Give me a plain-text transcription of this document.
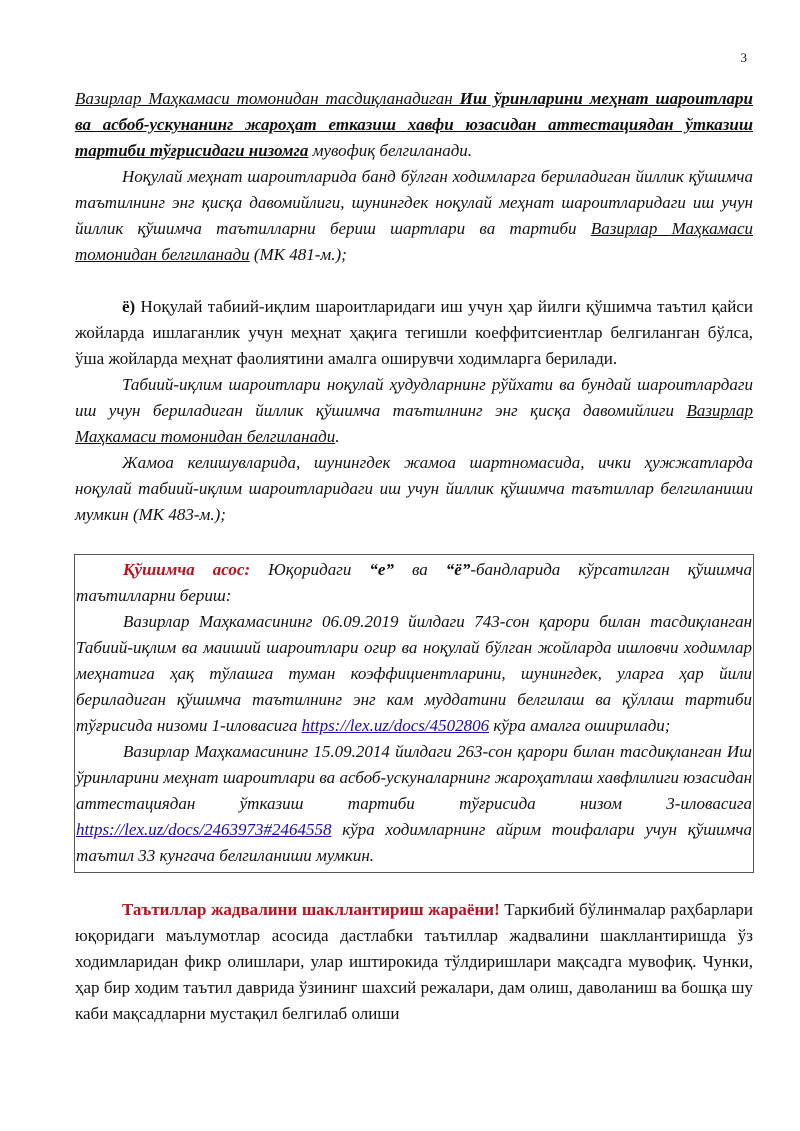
3

Вазирлар Маҳкамаси томонидан тасдиқланадиган Иш ўринларини меҳнат шароитлари ва асбоб-ускунанинг жароҳат етказиш хавфи юзасидан аттестациядан ўтказиш тартиби тўғрисидаги низомга мувофиқ белгиланади.

Ноқулай меҳнат шароитларида банд бўлган ходимларга бериладиган йиллик қўшимча таътилнинг энг қисқа давомийлиги, шунингдек ноқулай меҳнат шароитларидаги иш учун йиллик қўшимча таътилларни бериш шартлари ва тартиби Вазирлар Маҳкамаси томонидан белгиланади (МК 481-м.);

ё) Ноқулай табиий-иқлим шароитларидаги иш учун ҳар йилги қўшимча таътил қайси жойларда ишлаганлик учун меҳнат ҳақига тегишли коеффитсиентлар белгиланган бўлса, ўша жойларда меҳнат фаолиятини амалга оширувчи ходимларга берилади.

Табиий-иқлим шароитлари ноқулай ҳудудларнинг рўйхати ва бундай шароитлардаги иш учун бериладиган йиллик қўшимча таътилнинг энг қисқа давомийлиги Вазирлар Маҳкамаси томонидан белгиланади.

Жамоа келишувларида, шунингдек жамоа шартномасида, ички ҳужжатларда ноқулай табиий-иқлим шароитларидаги иш учун йиллик қўшимча таътиллар белгиланиши мумкин (МК 483-м.);

Қўшимча асос: Юқоридаги “е” ва “ё”-бандларида кўрсатилган қўшимча таътилларни бериш:

Вазирлар Маҳкамасининг 06.09.2019 йилдаги 743-сон қарори билан тасдиқланган Табиий-иқлим ва маиший шароитлари огир ва ноқулай бўлган жойларда ишловчи ходимлар меҳнатига ҳақ тўлашга туман коэффициентларини, шунингдек, уларга ҳар йили бериладиган қўшимча таътилнинг энг кам муддатини белгилаш ва қўллаш тартиби тўғрисида низоми 1-иловасига https://lex.uz/docs/4502806 кўра амалга оширилади;

Вазирлар Маҳкамасининг 15.09.2014 йилдаги 263-сон қарори билан тасдиқланган Иш ўринларини меҳнат шароитлари ва асбоб-ускуналарнинг жароҳатлаш хавфлилиги юзасидан аттестациядан ўтказиш тартиби тўғрисида низом 3-иловасига https://lex.uz/docs/2463973#2464558 кўра ходимларнинг айрим тоифалари учун қўшимча таътил 33 кунгача белгиланиши мумкин.

Таътиллар жадвалини шакллантириш жараёни! Таркибий бўлинмалар раҳбарлари юқоридаги маълумотлар асосида дастлабки таътиллар жадвалини шакллантиришда ўз ходимларидан фикр олишлари, улар иштирокида тўлдиришлари мақсадга мувофиқ. Чунки, ҳар бир ходим таътил даврида ўзининг шахсий режалари, дам олиш, даволаниш ва бошқа шу каби мақсадларни мустақил белгилаб олиши
